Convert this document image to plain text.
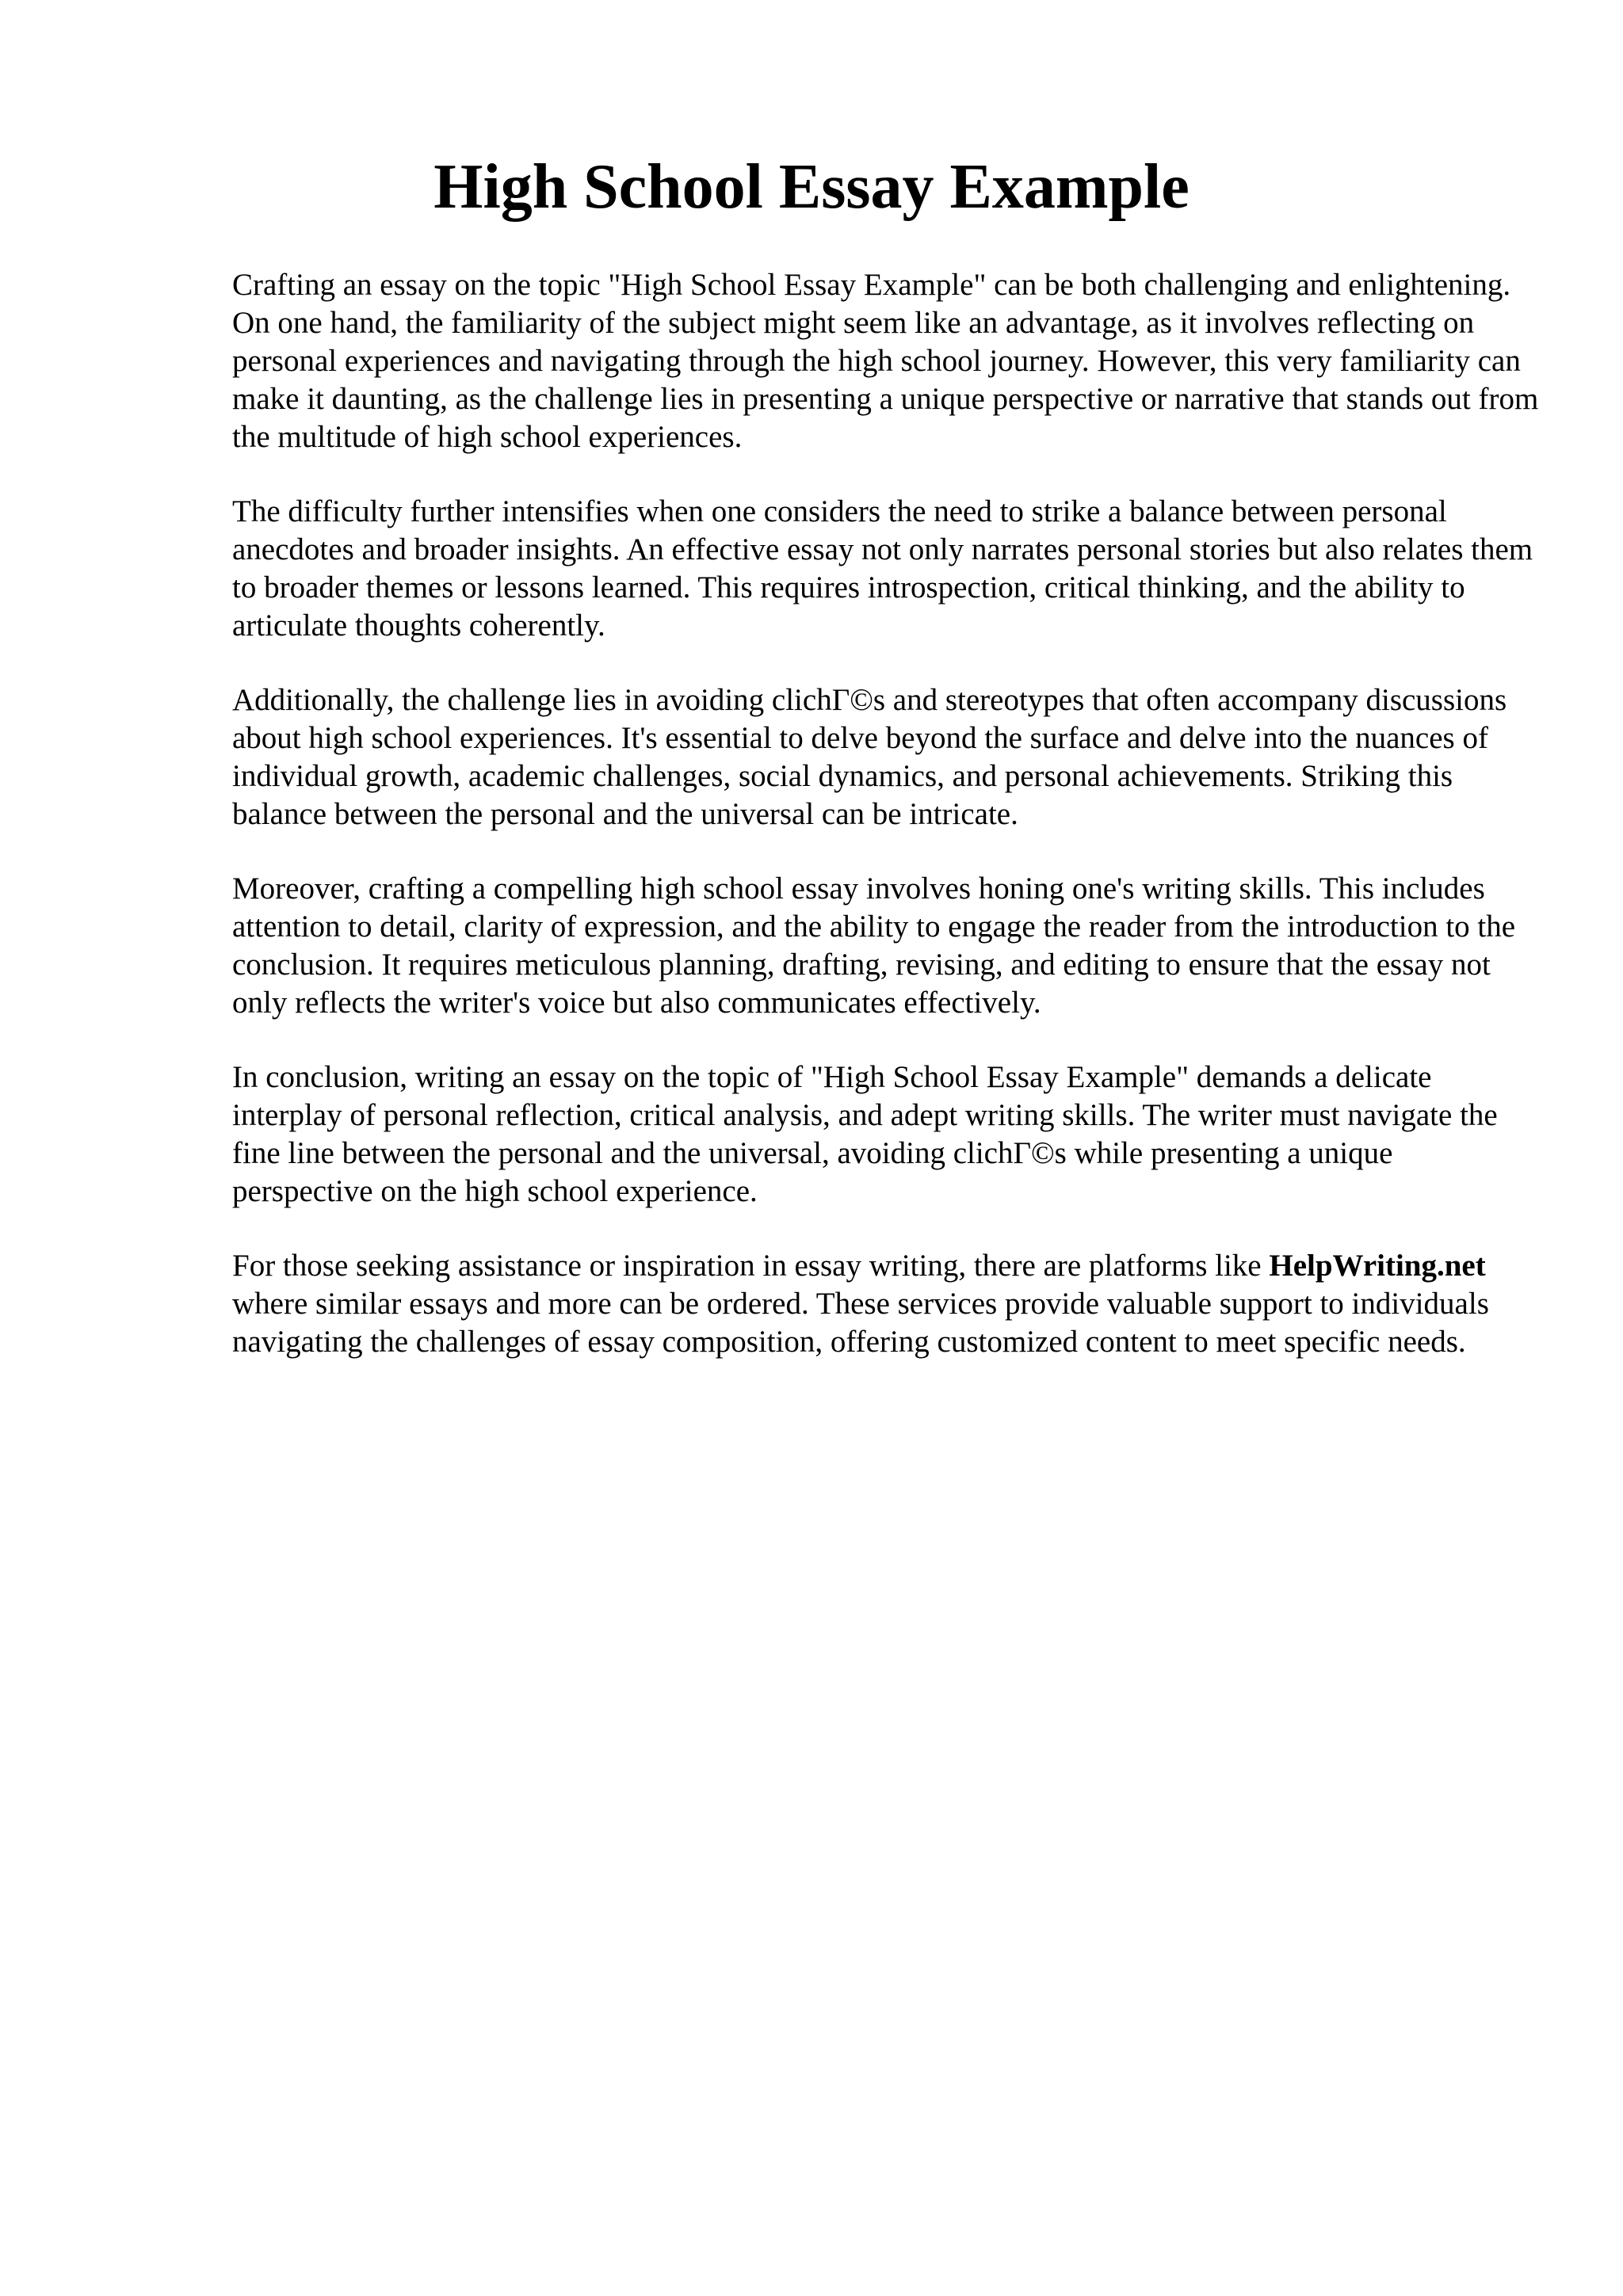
High School Essay Example

Crafting an essay on the topic "High School Essay Example" can be both challenging and enlightening. On one hand, the familiarity of the subject might seem like an advantage, as it involves reflecting on personal experiences and navigating through the high school journey. However, this very familiarity can make it daunting, as the challenge lies in presenting a unique perspective or narrative that stands out from the multitude of high school experiences.

The difficulty further intensifies when one considers the need to strike a balance between personal anecdotes and broader insights. An effective essay not only narrates personal stories but also relates them to broader themes or lessons learned. This requires introspection, critical thinking, and the ability to articulate thoughts coherently.

Additionally, the challenge lies in avoiding clichГ©s and stereotypes that often accompany discussions about high school experiences. It's essential to delve beyond the surface and delve into the nuances of individual growth, academic challenges, social dynamics, and personal achievements. Striking this balance between the personal and the universal can be intricate.

Moreover, crafting a compelling high school essay involves honing one's writing skills. This includes attention to detail, clarity of expression, and the ability to engage the reader from the introduction to the conclusion. It requires meticulous planning, drafting, revising, and editing to ensure that the essay not only reflects the writer's voice but also communicates effectively.

In conclusion, writing an essay on the topic of "High School Essay Example" demands a delicate interplay of personal reflection, critical analysis, and adept writing skills. The writer must navigate the fine line between the personal and the universal, avoiding clichГ©s while presenting a unique perspective on the high school experience.

For those seeking assistance or inspiration in essay writing, there are platforms like HelpWriting.net where similar essays and more can be ordered. These services provide valuable support to individuals navigating the challenges of essay composition, offering customized content to meet specific needs.
